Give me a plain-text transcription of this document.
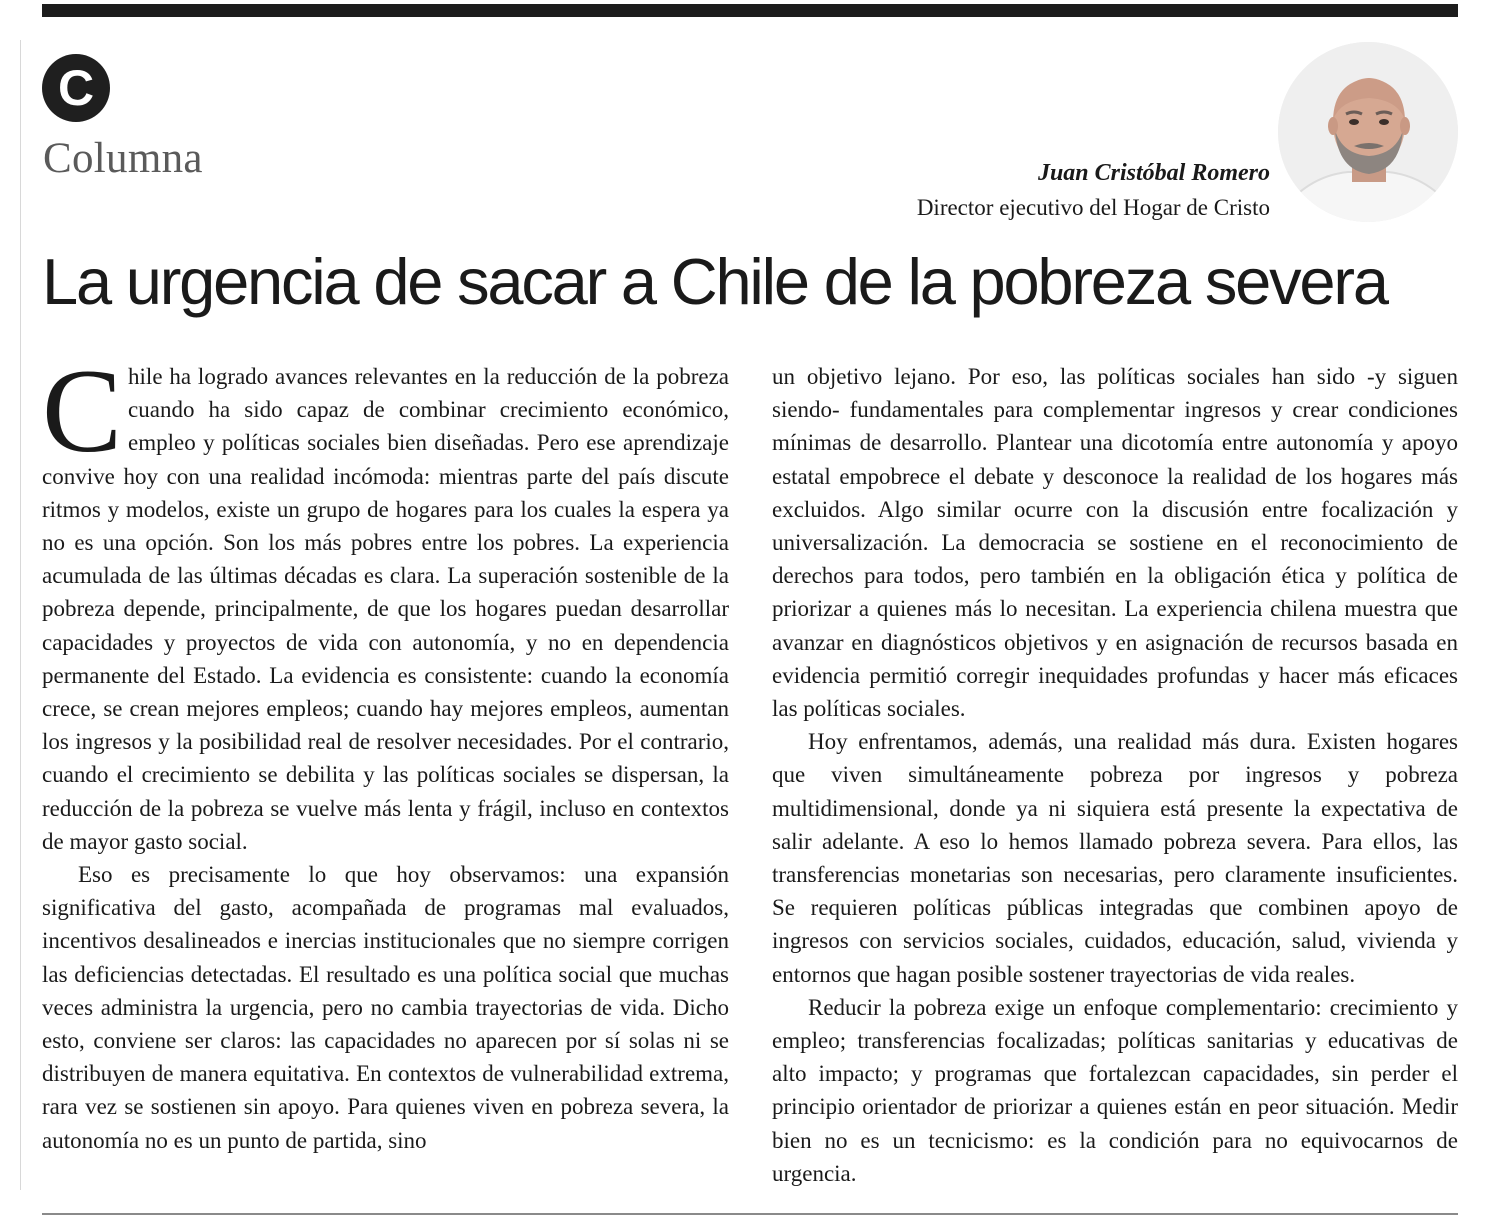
C
Columna	Juan Cristóbal Romero
Director ejecutivo del Hogar de Cristo
La urgencia de sacar a Chile de la pobreza severa
C hile ha logrado avances relevantes en la reducción de la pobreza cuando ha sido capaz de combinar crecimiento económico, empleo y políticas sociales bien diseñadas. Pero ese aprendizaje convive hoy con una realidad incómoda: mientras parte del país discute ritmos y modelos, existe un grupo de hogares para los cuales la espera ya no es una opción. Son los más pobres entre los pobres. La experiencia acumulada de las últimas décadas es clara. La superación sostenible de la pobreza depende, principalmente, de que los hogares puedan desarrollar capacidades y proyectos de vida con autonomía, y no en dependencia permanente del Estado. La evidencia es consistente: cuando la economía crece, se crean mejores empleos; cuando hay mejores empleos, aumentan los ingresos y la posibilidad real de resolver necesidades. Por el contrario, cuando el crecimiento se debilita y las políticas sociales se dispersan, la reducción de la pobreza se vuelve más lenta y frágil, incluso en contextos de mayor gasto social.

Eso es precisamente lo que hoy observamos: una expansión significativa del gasto, acompañada de programas mal evaluados, incentivos desalineados e inercias institucionales que no siempre corrigen las deficiencias detectadas. El resultado es una política social que muchas veces administra la urgencia, pero no cambia trayectorias de vida. Dicho esto, conviene ser claros: las capacidades no aparecen por sí solas ni se distribuyen de manera equitativa. En contextos de vulnerabilidad extrema, rara vez se sostienen sin apoyo. Para quienes viven en pobreza severa, la autonomía no es un punto de partida, sino

un objetivo lejano. Por eso, las políticas sociales han sido -y siguen siendo- fundamentales para complementar ingresos y crear condiciones mínimas de desarrollo. Plantear una dicotomía entre autonomía y apoyo estatal empobrece el debate y desconoce la realidad de los hogares más excluidos. Algo similar ocurre con la discusión entre focalización y universalización. La democracia se sostiene en el reconocimiento de derechos para todos, pero también en la obligación ética y política de priorizar a quienes más lo necesitan. La experiencia chilena muestra que avanzar en diagnósticos objetivos y en asignación de recursos basada en evidencia permitió corregir inequidades profundas y hacer más eficaces las políticas sociales.

Hoy enfrentamos, además, una realidad más dura. Existen hogares que viven simultáneamente pobreza por ingresos y pobreza multidimensional, donde ya ni siquiera está presente la expectativa de salir adelante. A eso lo hemos llamado pobreza severa. Para ellos, las transferencias monetarias son necesarias, pero claramente insuficientes. Se requieren políticas públicas integradas que combinen apoyo de ingresos con servicios sociales, cuidados, educación, salud, vivienda y entornos que hagan posible sostener trayectorias de vida reales.

Reducir la pobreza exige un enfoque complementario: crecimiento y empleo; transferencias focalizadas; políticas sanitarias y educativas de alto impacto; y programas que fortalezcan capacidades, sin perder el principio orientador de priorizar a quienes están en peor situación. Medir bien no es un tecnicismo: es la condición para no equivocarnos de urgencia.
